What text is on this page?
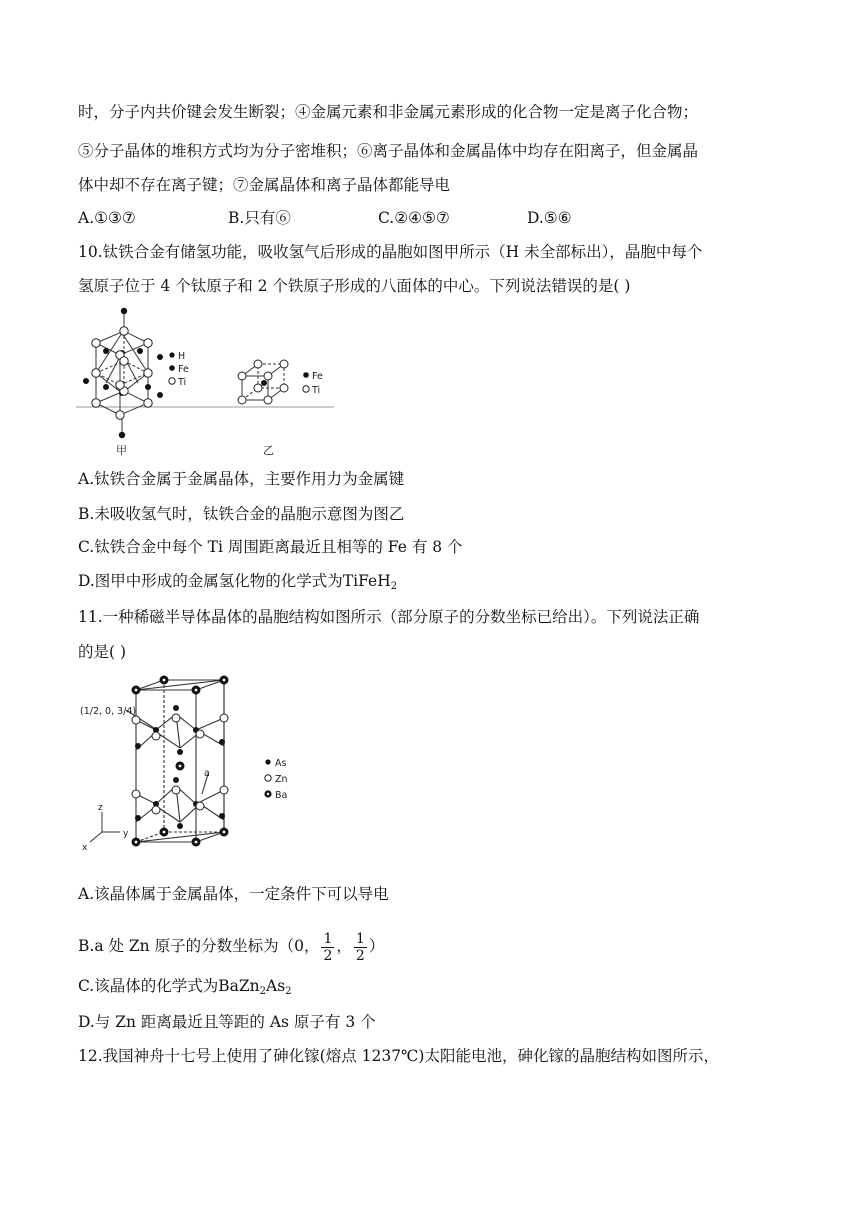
时，分子内共价键会发生断裂；④金属元素和非金属元素形成的化合物一定是离子化合物；
⑤分子晶体的堆积方式均为分子密堆积；⑥离子晶体和金属晶体中均存在阳离子，但金属晶
体中却不存在离子键；⑦金属晶体和离子晶体都能导电
A.①③⑦	B.只有⑥	C.②④⑤⑦	D.⑤⑥
10.钛铁合金有储氢功能，吸收氢气后形成的晶胞如图甲所示（H 未全部标出），晶胞中每个
氢原子位于 4 个钛原子和 2 个铁原子形成的八面体的中心。下列说法错误的是( )
H
Fe
Ti
Fe
Ti
甲	乙
A.钛铁合金属于金属晶体，主要作用力为金属键
B.未吸收氢气时，钛铁合金的晶胞示意图为图乙
C.钛铁合金中每个 Ti 周围距离最近且相等的 Fe 有 8 个
D.图甲中形成的金属氢化物的化学式为TiFeH$_2$
11.一种稀磁半导体晶体的晶胞结构如图所示（部分原子的分数坐标已给出）。下列说法正确
的是( )
(1/2, 0, 3/4)
a
z
y
x
As
Zn
Ba
A.该晶体属于金属晶体，一定条件下可以导电
B.a 处 Zn 原子的分数坐标为（0， $\frac{1}{2}$ ， $\frac{1}{2}$ ）
C.该晶体的化学式为$BaZn_2As_2$
D.与 Zn 距离最近且等距的 As 原子有 3 个
12.我国神舟十七号上使用了砷化镓(熔点 1237℃)太阳能电池，砷化镓的晶胞结构如图所示，
